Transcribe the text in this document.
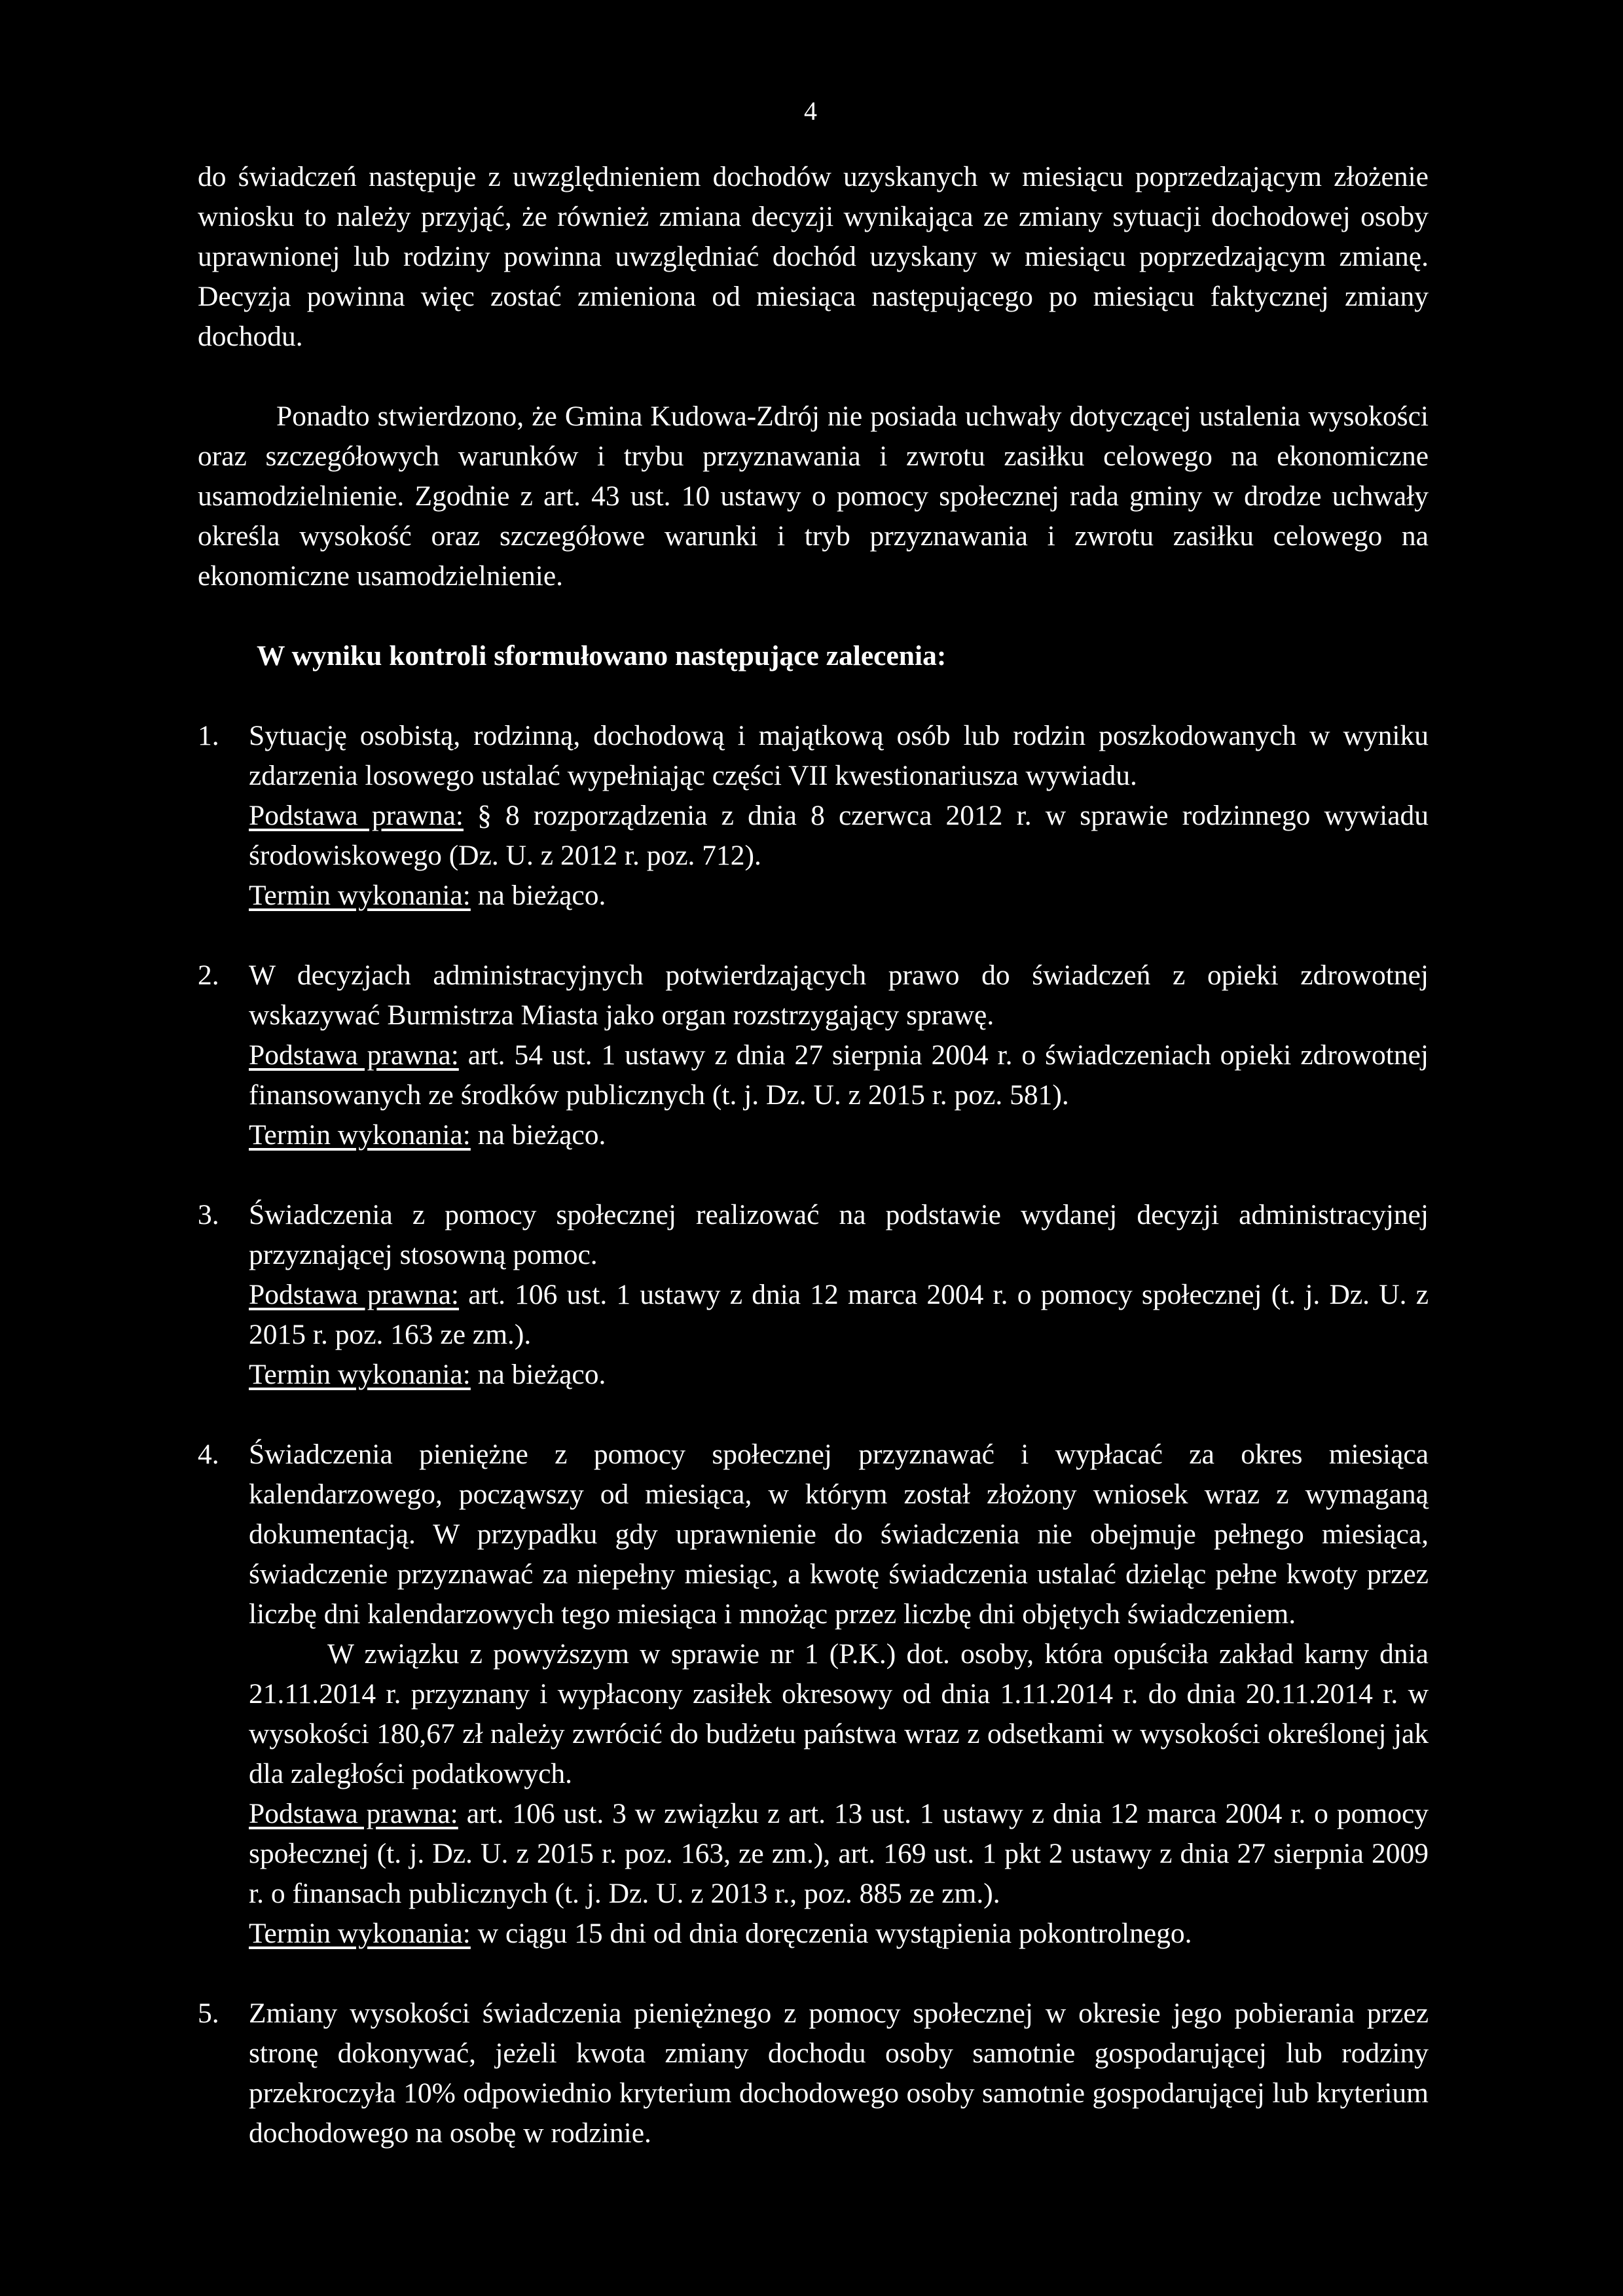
4

do świadczeń następuje z uwzględnieniem dochodów uzyskanych w miesiącu poprzedzającym złożenie wniosku to należy przyjąć, że również zmiana decyzji wynikająca ze zmiany sytuacji dochodowej osoby uprawnionej lub rodziny powinna uwzględniać dochód uzyskany w miesiącu poprzedzającym zmianę. Decyzja powinna więc zostać zmieniona od miesiąca następującego po miesiącu faktycznej zmiany dochodu.

Ponadto stwierdzono, że Gmina Kudowa-Zdrój nie posiada uchwały dotyczącej ustalenia wysokości oraz szczegółowych warunków i trybu przyznawania i zwrotu zasiłku celowego na ekonomiczne usamodzielnienie. Zgodnie z art. 43 ust. 10 ustawy o pomocy społecznej rada gminy w drodze uchwały określa wysokość oraz szczegółowe warunki i tryb przyznawania i zwrotu zasiłku celowego na ekonomiczne usamodzielnienie.

W wyniku kontroli sformułowano następujące zalecenia:
1. Sytuację osobistą, rodzinną, dochodową i majątkową osób lub rodzin poszkodowanych w wyniku zdarzenia losowego ustalać wypełniając części VII kwestionariusza wywiadu.

Podstawa prawna: § 8 rozporządzenia z dnia 8 czerwca 2012 r. w sprawie rodzinnego wywiadu środowiskowego (Dz. U. z 2012 r. poz. 712).

Termin wykonania: na bieżąco.

2. W decyzjach administracyjnych potwierdzających prawo do świadczeń z opieki zdrowotnej wskazywać Burmistrza Miasta jako organ rozstrzygający sprawę.

Podstawa prawna: art. 54 ust. 1 ustawy z dnia 27 sierpnia 2004 r. o świadczeniach opieki zdrowotnej finansowanych ze środków publicznych (t. j. Dz. U. z 2015 r. poz. 581).

Termin wykonania: na bieżąco.

3. Świadczenia z pomocy społecznej realizować na podstawie wydanej decyzji administracyjnej przyznającej stosowną pomoc.

Podstawa prawna: art. 106 ust. 1 ustawy z dnia 12 marca 2004 r. o pomocy społecznej (t. j. Dz. U. z 2015 r. poz. 163 ze zm.).

Termin wykonania: na bieżąco.

4. Świadczenia pieniężne z pomocy społecznej przyznawać i wypłacać za okres miesiąca kalendarzowego, począwszy od miesiąca, w którym został złożony wniosek wraz z wymaganą dokumentacją. W przypadku gdy uprawnienie do świadczenia nie obejmuje pełnego miesiąca, świadczenie przyznawać za niepełny miesiąc, a kwotę świadczenia ustalać dzieląc pełne kwoty przez liczbę dni kalendarzowych tego miesiąca i mnożąc przez liczbę dni objętych świadczeniem.

W związku z powyższym w sprawie nr 1 (P.K.) dot. osoby, która opuściła zakład karny dnia 21.11.2014 r. przyznany i wypłacony zasiłek okresowy od dnia 1.11.2014 r. do dnia 20.11.2014 r. w wysokości 180,67 zł należy zwrócić do budżetu państwa wraz z odsetkami w wysokości określonej jak dla zaległości podatkowych.

Podstawa prawna: art. 106 ust. 3 w związku z art. 13 ust. 1 ustawy z dnia 12 marca 2004 r. o pomocy społecznej (t. j. Dz. U. z 2015 r. poz. 163, ze zm.), art. 169 ust. 1 pkt 2 ustawy z dnia 27 sierpnia 2009 r. o finansach publicznych (t. j. Dz. U. z 2013 r., poz. 885 ze zm.).

Termin wykonania: w ciągu 15 dni od dnia doręczenia wystąpienia pokontrolnego.

5. Zmiany wysokości świadczenia pieniężnego z pomocy społecznej w okresie jego pobierania przez stronę dokonywać, jeżeli kwota zmiany dochodu osoby samotnie gospodarującej lub rodziny przekroczyła 10% odpowiednio kryterium dochodowego osoby samotnie gospodarującej lub kryterium dochodowego na osobę w rodzinie.
